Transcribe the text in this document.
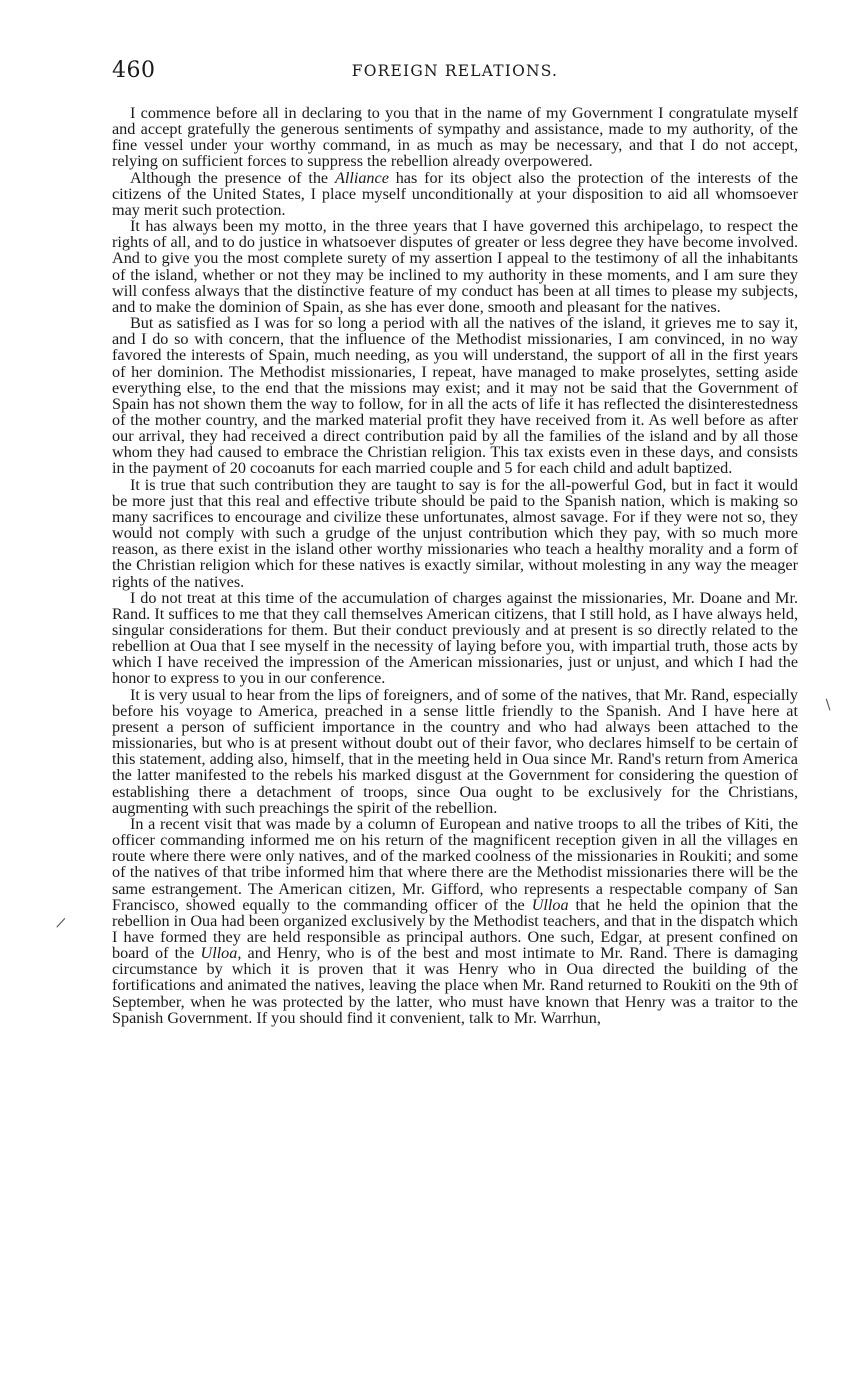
460	FOREIGN RELATIONS.

I commence before all in declaring to you that in the name of my Government I congratulate myself and accept gratefully the generous sentiments of sympathy and assistance, made to my authority, of the fine vessel under your worthy command, in as much as may be necessary, and that I do not accept, relying on sufficient forces to suppress the rebellion already overpowered.

Although the presence of the Alliance has for its object also the protection of the interests of the citizens of the United States, I place myself unconditionally at your disposition to aid all whomsoever may merit such protection.

It has always been my motto, in the three years that I have governed this archipelago, to respect the rights of all, and to do justice in whatsoever disputes of greater or less degree they have become involved. And to give you the most complete surety of my assertion I appeal to the testimony of all the inhabitants of the island, whether or not they may be inclined to my authority in these moments, and I am sure they will confess always that the distinctive feature of my conduct has been at all times to please my subjects, and to make the dominion of Spain, as she has ever done, smooth and pleasant for the natives.

But as satisfied as I was for so long a period with all the natives of the island, it grieves me to say it, and I do so with concern, that the influence of the Methodist missionaries, I am convinced, in no way favored the interests of Spain, much needing, as you will understand, the support of all in the first years of her dominion. The Methodist missionaries, I repeat, have managed to make proselytes, setting aside everything else, to the end that the missions may exist; and it may not be said that the Government of Spain has not shown them the way to follow, for in all the acts of life it has reflected the disinterestedness of the mother country, and the marked material profit they have received from it. As well before as after our arrival, they had received a direct contribution paid by all the families of the island and by all those whom they had caused to embrace the Christian religion. This tax exists even in these days, and consists in the payment of 20 cocoanuts for each married couple and 5 for each child and adult baptized.

It is true that such contribution they are taught to say is for the all-powerful God, but in fact it would be more just that this real and effective tribute should be paid to the Spanish nation, which is making so many sacrifices to encourage and civilize these unfortunates, almost savage. For if they were not so, they would not comply with such a grudge of the unjust contribution which they pay, with so much more reason, as there exist in the island other worthy missionaries who teach a healthy morality and a form of the Christian religion which for these natives is exactly similar, without molesting in any way the meager rights of the natives.

I do not treat at this time of the accumulation of charges against the missionaries, Mr. Doane and Mr. Rand. It suffices to me that they call themselves American citizens, that I still hold, as I have always held, singular considerations for them. But their conduct previously and at present is so directly related to the rebellion at Oua that I see myself in the necessity of laying before you, with impartial truth, those acts by which I have received the impression of the American missionaries, just or unjust, and which I had the honor to express to you in our conference.

It is very usual to hear from the lips of foreigners, and of some of the natives, that Mr. Rand, especially before his voyage to America, preached in a sense little friendly to the Spanish. And I have here at present a person of sufficient importance in the country and who had always been attached to the missionaries, but who is at present without doubt out of their favor, who declares himself to be certain of this statement, adding also, himself, that in the meeting held in Oua since Mr. Rand's return from America the latter manifested to the rebels his marked disgust at the Government for considering the question of establishing there a detachment of troops, since Oua ought to be exclusively for the Christians, augmenting with such preachings the spirit of the rebellion.

In a recent visit that was made by a column of European and native troops to all the tribes of Kiti, the officer commanding informed me on his return of the magnificent reception given in all the villages en route where there were only natives, and of the marked coolness of the missionaries in Roukiti; and some of the natives of that tribe informed him that where there are the Methodist missionaries there will be the same estrangement. The American citizen, Mr. Gifford, who represents a respectable company of San Francisco, showed equally to the commanding officer of the Ulloa that he held the opinion that the rebellion in Oua had been organized exclusively by the Methodist teachers, and that in the dispatch which I have formed they are held responsible as principal authors. One such, Edgar, at present confined on board of the Ulloa, and Henry, who is of the best and most intimate to Mr. Rand. There is damaging circumstance by which it is proven that it was Henry who in Oua directed the building of the fortifications and animated the natives, leaving the place when Mr. Rand returned to Roukiti on the 9th of September, when he was protected by the latter, who must have known that Henry was a traitor to the Spanish Government. If you should find it convenient, talk to Mr. Warrhun,

/
\
